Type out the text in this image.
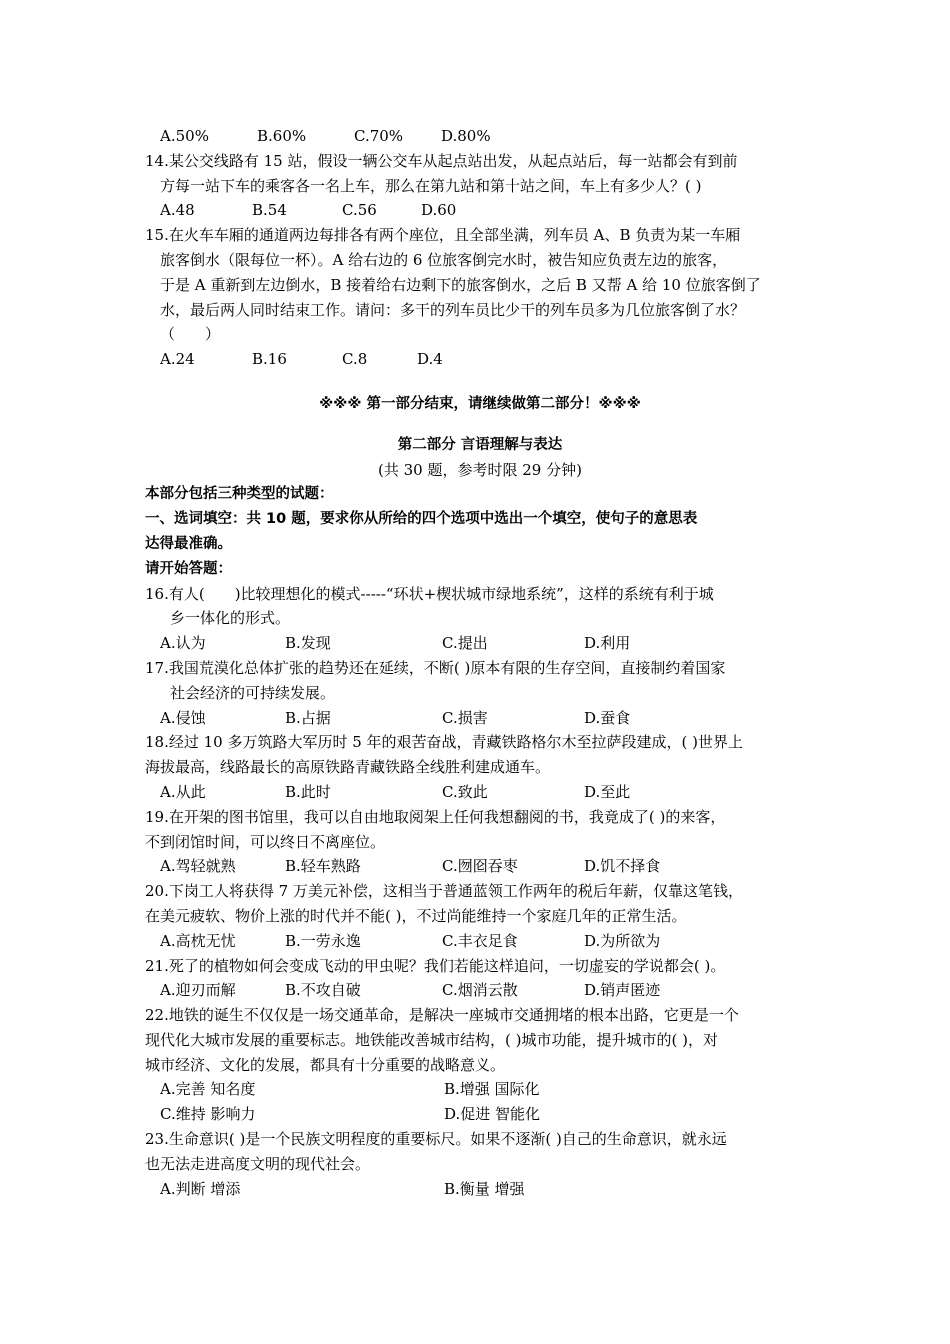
A.50%	B.60%	C.70%	D.80%
14.某公交线路有 15 站，假设一辆公交车从起点站出发，从起点站后，每一站都会有到前
方每一站下车的乘客各一名上车，那么在第九站和第十站之间，车上有多少人？( )
A.48	B.54	C.56	D.60
15.在火车车厢的通道两边每排各有两个座位，且全部坐满，列车员 A、B 负责为某一车厢
旅客倒水（限每位一杯）。A 给右边的 6 位旅客倒完水时，被告知应负责左边的旅客，
于是 A 重新到左边倒水，B 接着给右边剩下的旅客倒水，之后 B 又帮 A 给 10 位旅客倒了
水，最后两人同时结束工作。请问：多干的列车员比少干的列车员多为几位旅客倒了水？
（　　）
A.24	B.16	C.8	D.4
※※※ 第一部分结束，请继续做第二部分！※※※
第二部分 言语理解与表达
(共 30 题，参考时限 29 分钟)
本部分包括三种类型的试题：
一、选词填空：共 10 题，要求你从所给的四个选项中选出一个填空，使句子的意思表
达得最准确。
请开始答题：
16.有人(　　)比较理想化的模式-----“环状+楔状城市绿地系统”，这样的系统有利于城
乡一体化的形式。
A.认为	B.发现	C.提出	D.利用
17.我国荒漠化总体扩张的趋势还在延续，不断( )原本有限的生存空间，直接制约着国家
社会经济的可持续发展。
A.侵蚀	B.占据	C.损害	D.蚕食
18.经过 10 多万筑路大军历时 5 年的艰苦奋战，青藏铁路格尔木至拉萨段建成，( )世界上
海拔最高，线路最长的高原铁路青藏铁路全线胜利建成通车。
A.从此	B.此时	C.致此	D.至此
19.在开架的图书馆里，我可以自由地取阅架上任何我想翻阅的书，我竟成了( )的来客，
不到闭馆时间，可以终日不离座位。
A.驾轻就熟	B.轻车熟路	C.囫囵吞枣	D.饥不择食
20.下岗工人将获得 7 万美元补偿，这相当于普通蓝领工作两年的税后年薪，仅靠这笔钱，
在美元疲软、物价上涨的时代并不能( )，不过尚能维持一个家庭几年的正常生活。
A.高枕无忧	B.一劳永逸	C.丰衣足食	D.为所欲为
21.死了的植物如何会变成飞动的甲虫呢？我们若能这样追问，一切虚妄的学说都会( )。
A.迎刃而解	B.不攻自破	C.烟消云散	D.销声匿迹
22.地铁的诞生不仅仅是一场交通革命，是解决一座城市交通拥堵的根本出路，它更是一个
现代化大城市发展的重要标志。地铁能改善城市结构，( )城市功能，提升城市的( )，对
城市经济、文化的发展，都具有十分重要的战略意义。
A.完善 知名度	B.增强 国际化
C.维持 影响力	D.促进 智能化
23.生命意识( )是一个民族文明程度的重要标尺。如果不逐渐( )自己的生命意识，就永远
也无法走进高度文明的现代社会。
A.判断 增添	B.衡量 增强
